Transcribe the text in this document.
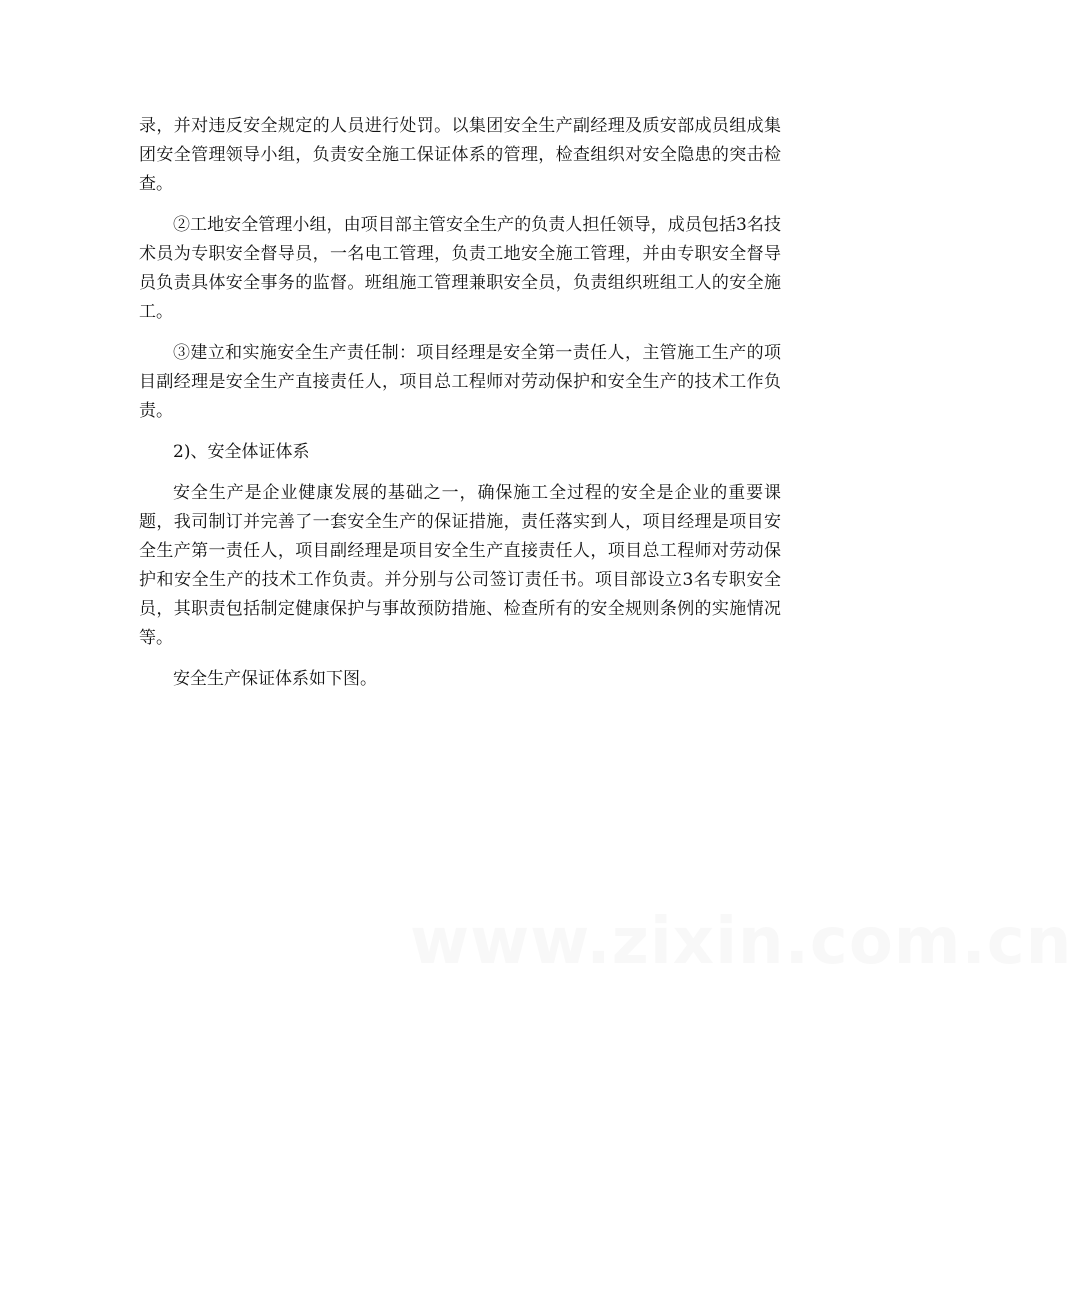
录，并对违反安全规定的人员进行处罚。以集团安全生产副经理及质安部成员组成集团安全管理领导小组，负责安全施工保证体系的管理，检查组织对安全隐患的突击检查。

②工地安全管理小组，由项目部主管安全生产的负责人担任领导，成员包括3名技术员为专职安全督导员，一名电工管理，负责工地安全施工管理，并由专职安全督导员负责具体安全事务的监督。班组施工管理兼职安全员，负责组织班组工人的安全施工。

③建立和实施安全生产责任制：项目经理是安全第一责任人，主管施工生产的项目副经理是安全生产直接责任人，项目总工程师对劳动保护和安全生产的技术工作负责。

2)、安全体证体系

安全生产是企业健康发展的基础之一，确保施工全过程的安全是企业的重要课题，我司制订并完善了一套安全生产的保证措施，责任落实到人，项目经理是项目安全生产第一责任人，项目副经理是项目安全生产直接责任人，项目总工程师对劳动保护和安全生产的技术工作负责。并分别与公司签订责任书。项目部设立3名专职安全员，其职责包括制定健康保护与事故预防措施、检查所有的安全规则条例的实施情况等。

安全生产保证体系如下图。

www.zixin.com.cn
